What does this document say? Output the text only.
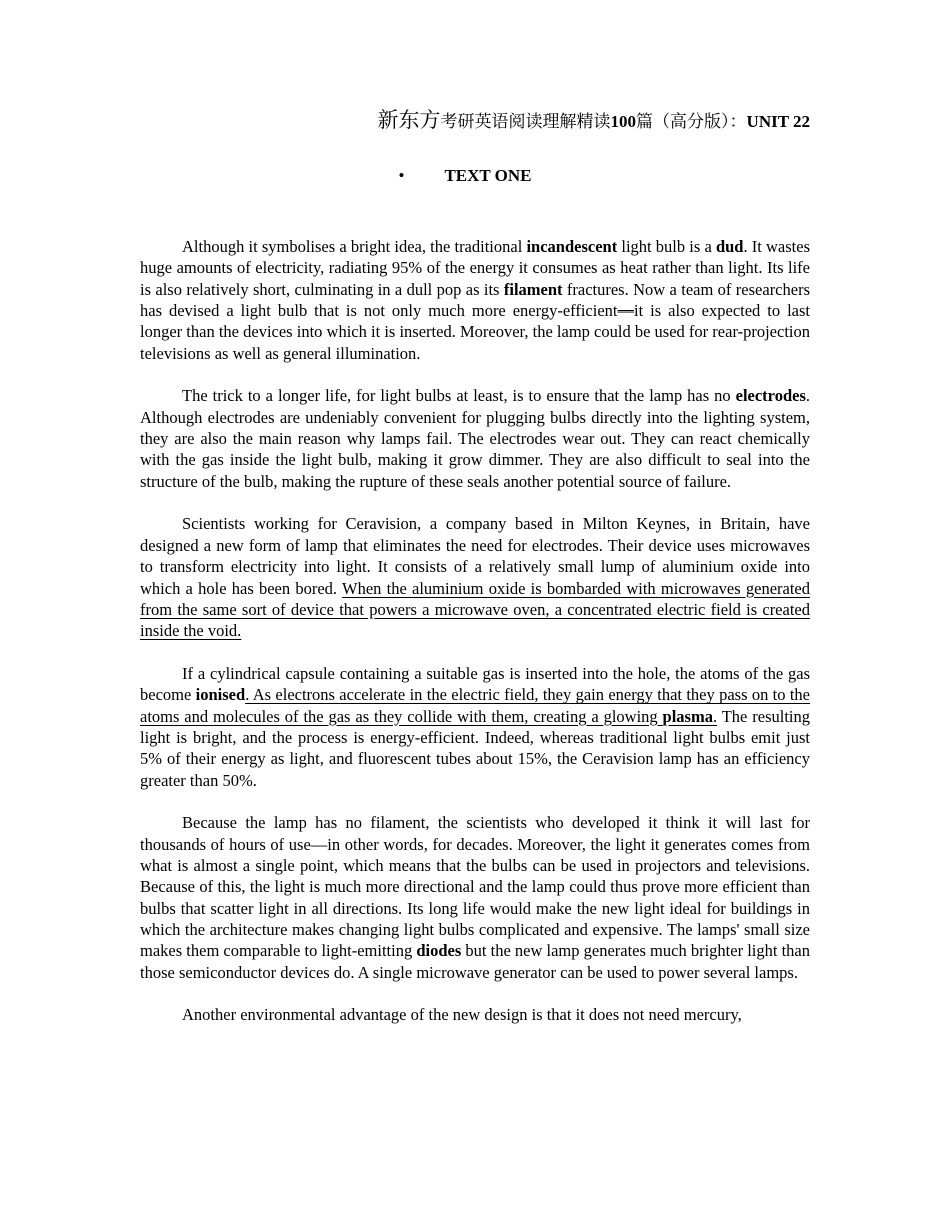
新东方考研英语阅读理解精读100篇（高分版）：UNIT 22
• TEXT ONE

Although it symbolises a bright idea, the traditional incandescent light bulb is a dud. It wastes huge amounts of electricity, radiating 95% of the energy it consumes as heat rather than light. Its life is also relatively short, culminating in a dull pop as its filament fractures. Now a team of researchers has devised a light bulb that is not only much more energy-efficient—it is also expected to last longer than the devices into which it is inserted. Moreover, the lamp could be used for rear-projection televisions as well as general illumination.

The trick to a longer life, for light bulbs at least, is to ensure that the lamp has no electrodes. Although electrodes are undeniably convenient for plugging bulbs directly into the lighting system, they are also the main reason why lamps fail. The electrodes wear out. They can react chemically with the gas inside the light bulb, making it grow dimmer. They are also difficult to seal into the structure of the bulb, making the rupture of these seals another potential source of failure.

Scientists working for Ceravision, a company based in Milton Keynes, in Britain, have designed a new form of lamp that eliminates the need for electrodes. Their device uses microwaves to transform electricity into light. It consists of a relatively small lump of aluminium oxide into which a hole has been bored. When the aluminium oxide is bombarded with microwaves generated from the same sort of device that powers a microwave oven, a concentrated electric field is created inside the void.

If a cylindrical capsule containing a suitable gas is inserted into the hole, the atoms of the gas become ionised. As electrons accelerate in the electric field, they gain energy that they pass on to the atoms and molecules of the gas as they collide with them, creating a glowing plasma. The resulting light is bright, and the process is energy-efficient. Indeed, whereas traditional light bulbs emit just 5% of their energy as light, and fluorescent tubes about 15%, the Ceravision lamp has an efficiency greater than 50%.

Because the lamp has no filament, the scientists who developed it think it will last for thousands of hours of use—in other words, for decades. Moreover, the light it generates comes from what is almost a single point, which means that the bulbs can be used in projectors and televisions. Because of this, the light is much more directional and the lamp could thus prove more efficient than bulbs that scatter light in all directions. Its long life would make the new light ideal for buildings in which the architecture makes changing light bulbs complicated and expensive. The lamps' small size makes them comparable to light-emitting diodes but the new lamp generates much brighter light than those semiconductor devices do. A single microwave generator can be used to power several lamps.

Another environmental advantage of the new design is that it does not need mercury,
